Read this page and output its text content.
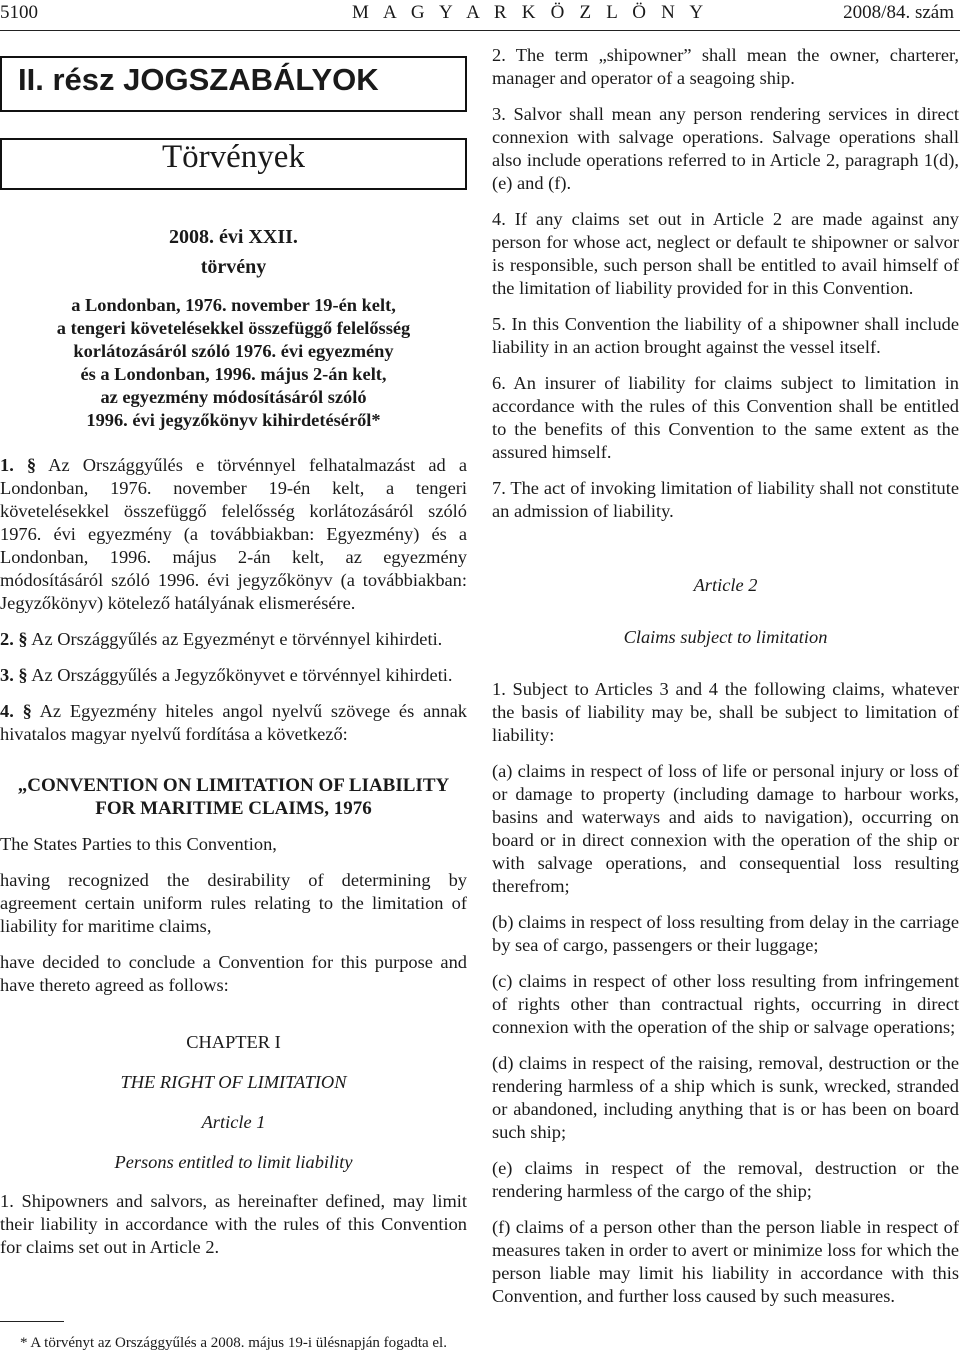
5100	M A G Y A R K Ö Z L Ö N Y	2008/84. szám
II. rész JOGSZABÁLYOK
Törvények
2008. évi XXII.
törvény
a Londonban, 1976. november 19-én kelt,
a tengeri követelésekkel összefüggő felelősség
korlátozásáról szóló 1976. évi egyezmény
és a Londonban, 1996. május 2-án kelt,
az egyezmény módosításáról szóló
1996. évi jegyzőkönyv kihirdetéséről*

1. § Az Országgyűlés e törvénnyel felhatalmazást ad a Londonban, 1976. november 19-én kelt, a tengeri követelésekkel összefüggő felelősség korlátozásáról szóló 1976. évi egyezmény (a továbbiakban: Egyezmény) és a Londonban, 1996. május 2-án kelt, az egyezmény módosításáról szóló 1996. évi jegyzőkönyv (a továbbiakban: Jegyzőkönyv) kötelező hatályának elismerésére.

2. § Az Országgyűlés az Egyezményt e törvénnyel kihirdeti.

3. § Az Országgyűlés a Jegyzőkönyvet e törvénnyel kihirdeti.

4. § Az Egyezmény hiteles angol nyelvű szövege és annak hivatalos magyar nyelvű fordítása a következő:

„CONVENTION ON LIMITATION OF LIABILITY
FOR MARITIME CLAIMS, 1976

The States Parties to this Convention,

having recognized the desirability of determining by agreement certain uniform rules relating to the limitation of liability for maritime claims,

have decided to conclude a Convention for this purpose and have thereto agreed as follows:

CHAPTER I

THE RIGHT OF LIMITATION

Article 1

Persons entitled to limit liability

1. Shipowners and salvors, as hereinafter defined, may limit their liability in accordance with the rules of this Convention for claims set out in Article 2.

* A törvényt az Országgyűlés a 2008. május 19-i ülésnapján fogadta el.

2. The term „shipowner” shall mean the owner, charterer, manager and operator of a seagoing ship.

3. Salvor shall mean any person rendering services in direct connexion with salvage operations. Salvage operations shall also include operations referred to in Article 2, paragraph 1(d), (e) and (f).

4. If any claims set out in Article 2 are made against any person for whose act, neglect or default te shipowner or salvor is responsible, such person shall be entitled to avail himself of the limitation of liability provided for in this Convention.

5. In this Convention the liability of a shipowner shall include liability in an action brought against the vessel itself.

6. An insurer of liability for claims subject to limitation in accordance with the rules of this Convention shall be entitled to the benefits of this Convention to the same extent as the assured himself.

7. The act of invoking limitation of liability shall not constitute an admission of liability.

Article 2

Claims subject to limitation

1. Subject to Articles 3 and 4 the following claims, whatever the basis of liability may be, shall be subject to limitation of liability:

(a) claims in respect of loss of life or personal injury or loss of or damage to property (including damage to harbour works, basins and waterways and aids to navigation), occurring on board or in direct connexion with the operation of the ship or with salvage operations, and consequential loss resulting therefrom;

(b) claims in respect of loss resulting from delay in the carriage by sea of cargo, passengers or their luggage;

(c) claims in respect of other loss resulting from infringement of rights other than contractual rights, occurring in direct connexion with the operation of the ship or salvage operations;

(d) claims in respect of the raising, removal, destruction or the rendering harmless of a ship which is sunk, wrecked, stranded or abandoned, including anything that is or has been on board such ship;

(e) claims in respect of the removal, destruction or the rendering harmless of the cargo of the ship;

(f) claims of a person other than the person liable in respect of measures taken in order to avert or minimize loss for which the person liable may limit his liability in accordance with this Convention, and further loss caused by such measures.
